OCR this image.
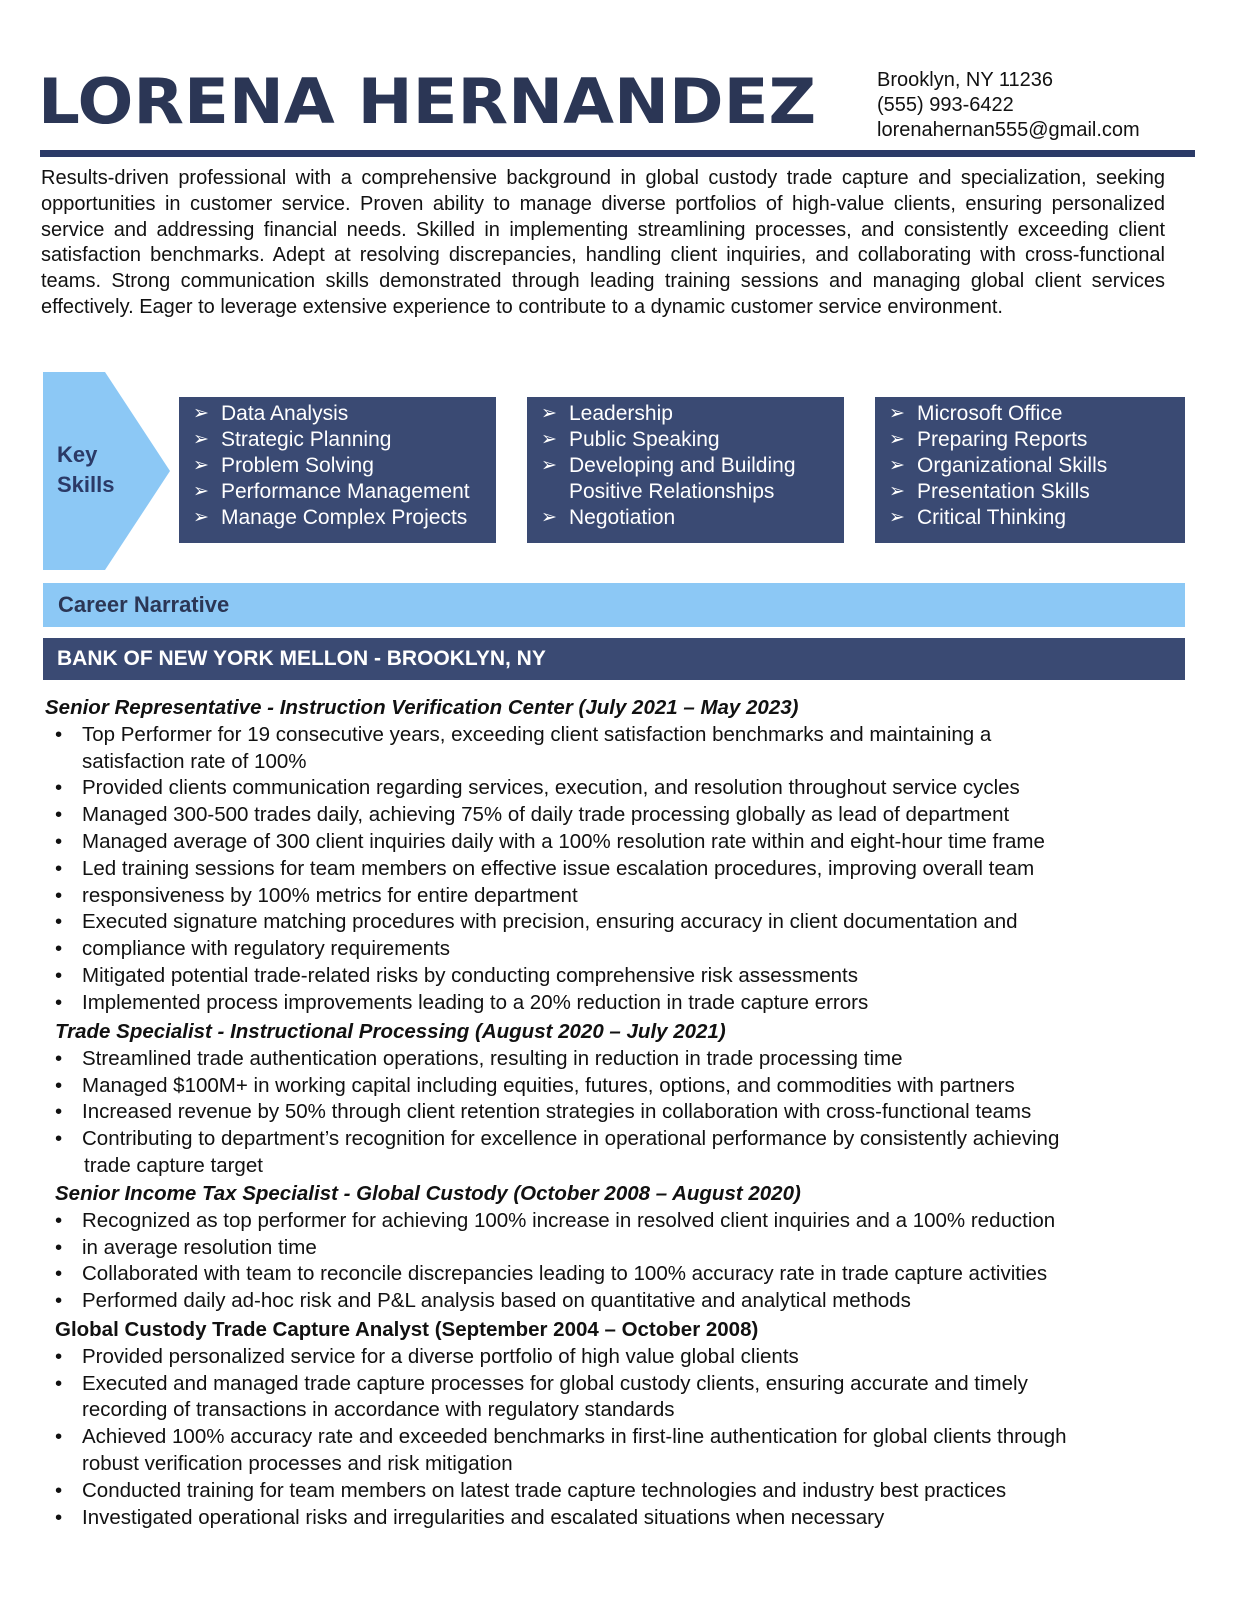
LORENA HERNANDEZ	Brooklyn, NY 11236
(555) 993-6422
lorenahernan555@gmail.com
Results-driven professional with a comprehensive background in global custody trade capture and specialization, seeking opportunities in customer service. Proven ability to manage diverse portfolios of high-value clients, ensuring personalized service and addressing financial needs. Skilled in implementing streamlining processes, and consistently exceeding client satisfaction benchmarks. Adept at resolving discrepancies, handling client inquiries, and collaborating with cross-functional teams. Strong communication skills demonstrated through leading training sessions and managing global client services effectively. Eager to leverage extensive experience to contribute to a dynamic customer service environment.
Key
Skills
➢ Data Analysis
➢ Strategic Planning
➢ Problem Solving
➢ Performance Management
➢ Manage Complex Projects
➢ Leadership
➢ Public Speaking
➢ Developing and Building
Positive Relationships
➢ Negotiation
➢ Microsoft Office
➢ Preparing Reports
➢ Organizational Skills
➢ Presentation Skills
➢ Critical Thinking
Career Narrative
BANK OF NEW YORK MELLON - BROOKLYN, NY
Senior Representative - Instruction Verification Center (July 2021 – May 2023)
• Top Performer for 19 consecutive years, exceeding client satisfaction benchmarks and maintaining a
satisfaction rate of 100%
• Provided clients communication regarding services, execution, and resolution throughout service cycles
• Managed 300-500 trades daily, achieving 75% of daily trade processing globally as lead of department
• Managed average of 300 client inquiries daily with a 100% resolution rate within and eight-hour time frame
• Led training sessions for team members on effective issue escalation procedures, improving overall team
• responsiveness by 100% metrics for entire department
• Executed signature matching procedures with precision, ensuring accuracy in client documentation and
• compliance with regulatory requirements
• Mitigated potential trade-related risks by conducting comprehensive risk assessments
• Implemented process improvements leading to a 20% reduction in trade capture errors
Trade Specialist - Instructional Processing (August 2020 – July 2021)
• Streamlined trade authentication operations, resulting in reduction in trade processing time
• Managed $100M+ in working capital including equities, futures, options, and commodities with partners
• Increased revenue by 50% through client retention strategies in collaboration with cross-functional teams
• Contributing to department’s recognition for excellence in operational performance by consistently achieving
trade capture target
Senior Income Tax Specialist - Global Custody (October 2008 – August 2020)
• Recognized as top performer for achieving 100% increase in resolved client inquiries and a 100% reduction
• in average resolution time
• Collaborated with team to reconcile discrepancies leading to 100% accuracy rate in trade capture activities
• Performed daily ad-hoc risk and P&L analysis based on quantitative and analytical methods
Global Custody Trade Capture Analyst (September 2004 – October 2008)
• Provided personalized service for a diverse portfolio of high value global clients
• Executed and managed trade capture processes for global custody clients, ensuring accurate and timely
recording of transactions in accordance with regulatory standards
• Achieved 100% accuracy rate and exceeded benchmarks in first-line authentication for global clients through
robust verification processes and risk mitigation
• Conducted training for team members on latest trade capture technologies and industry best practices
• Investigated operational risks and irregularities and escalated situations when necessary
